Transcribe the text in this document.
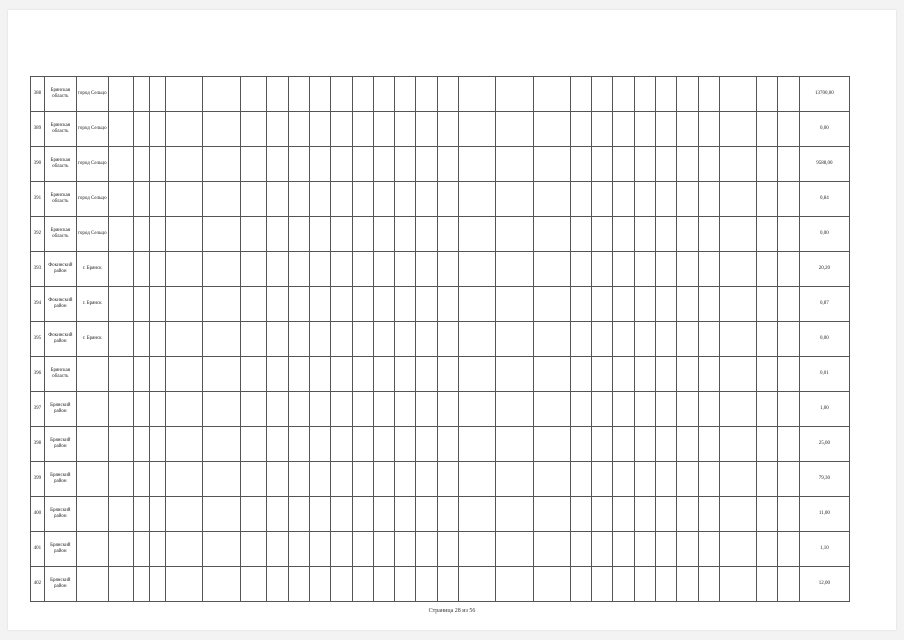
388	Брянская область	город Сельцо																													13700,00
389	Брянская область	город Сельцо																													0,00
390	Брянская область	город Сельцо																													9588,00
391	Брянская область	город Сельцо																													0,84
392	Брянская область	город Сельцо																													0,00
393	Фокинский район	г. Брянск																													20,20
394	Фокинский район	г. Брянск																													0,87
395	Фокинский район	г. Брянск																													0,00
396	Брянская область																														0,01
397	Брянский район																														1,00
398	Брянский район																														25,00
399	Брянский район																														79,30
400	Брянский район																														11,00
401	Брянский район																														1,10
402	Брянский район																														12,00
Страница 28 из 56
